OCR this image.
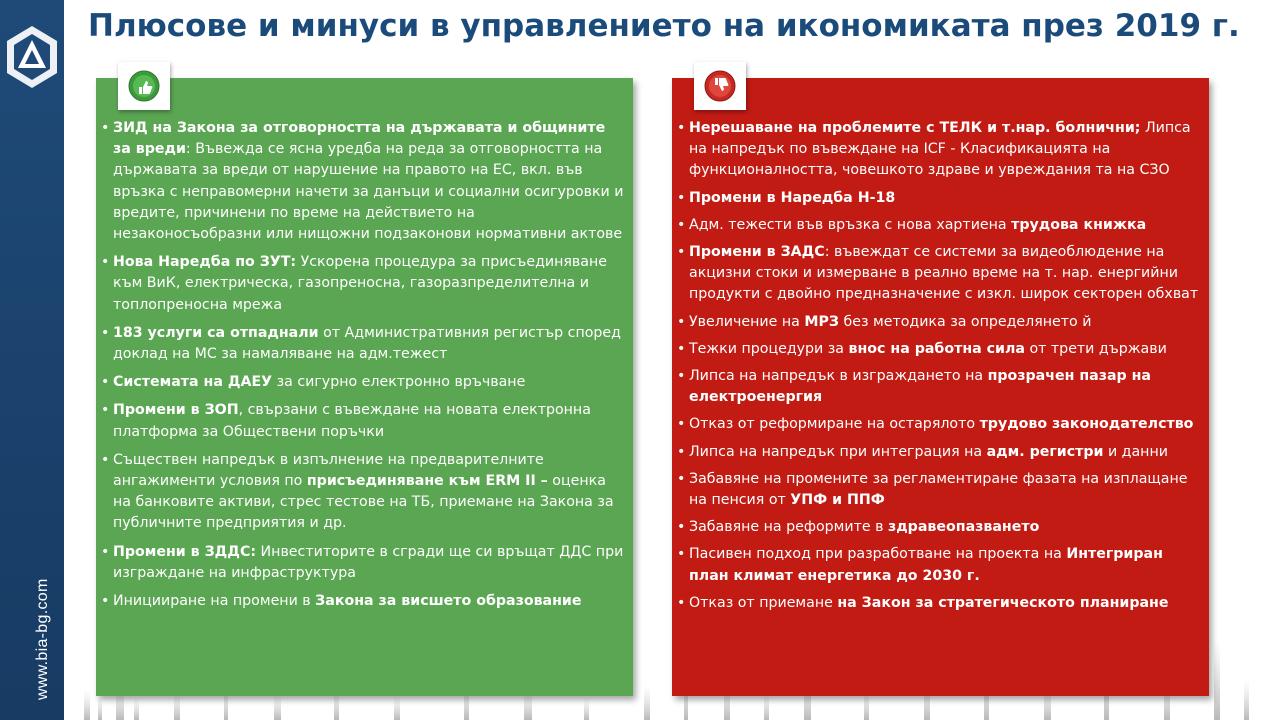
www.bia-bg.com
Плюсове и минуси в управлението на икономиката през 2019 г.
• ЗИД на Закона за отговорността на държавата и общините за вреди: Въвежда се ясна уредба на реда за отговорността на държавата за вреди от нарушение на правото на ЕС, вкл. във връзка с неправомерни начети за данъци и социални осигуровки и вредите, причинени по време на действието на незаконосъобразни или нищожни подзаконови нормативни актове
• Нова Наредба по ЗУТ: Ускорена процедура за присъединяване към ВиК, електрическа, газопреносна, газоразпределителна и топлопреносна мрежа
• 183 услуги са отпаднали от Административния регистър според доклад на МС за намаляване на адм.тежест
• Системата на ДАЕУ за сигурно електронно връчване
• Промени в ЗОП, свързани с въвеждане на новата електронна платформа за Обществени поръчки
• Съществен напредък в изпълнение на предварителните ангажименти условия по присъединяване към ERM II – оценка на банковите активи, стрес тестове на ТБ, приемане на Закона за публичните предприятия и др.
• Промени в ЗДДС: Инвеститорите в сгради ще си връщат ДДС при изграждане на инфраструктура
• Иницииране на промени в Закона за висшето образование
• Нерешаване на проблемите с ТЕЛК и т.нар. болнични; Липса на напредък по въвеждане на ICF - Класификацията на функционалността, човешкото здраве и увреждания та на СЗО
• Промени в Наредба Н-18
• Адм. тежести във връзка с нова хартиена трудова книжка
• Промени в ЗАДС: въвеждат се системи за видеоблюдение на акцизни стоки и измерване в реално време на т. нар. енергийни продукти с двойно предназначение с изкл. широк секторен обхват
• Увеличение на МРЗ без методика за определянето й
• Тежки процедури за внос на работна сила от трети държави
• Липса на напредък в изграждането на прозрачен пазар на електроенергия
• Отказ от реформиране на остарялото трудово законодателство
• Липса на напредък при интеграция на адм. регистри и данни
• Забавяне на промените за регламентиране фазата на изплащане на пенсия от УПФ и ППФ
• Забавяне на реформите в здравеопазването
• Пасивен подход при разработване на проекта на Интегриран план климат енергетика до 2030 г.
• Отказ от приемане на Закон за стратегическото планиране
